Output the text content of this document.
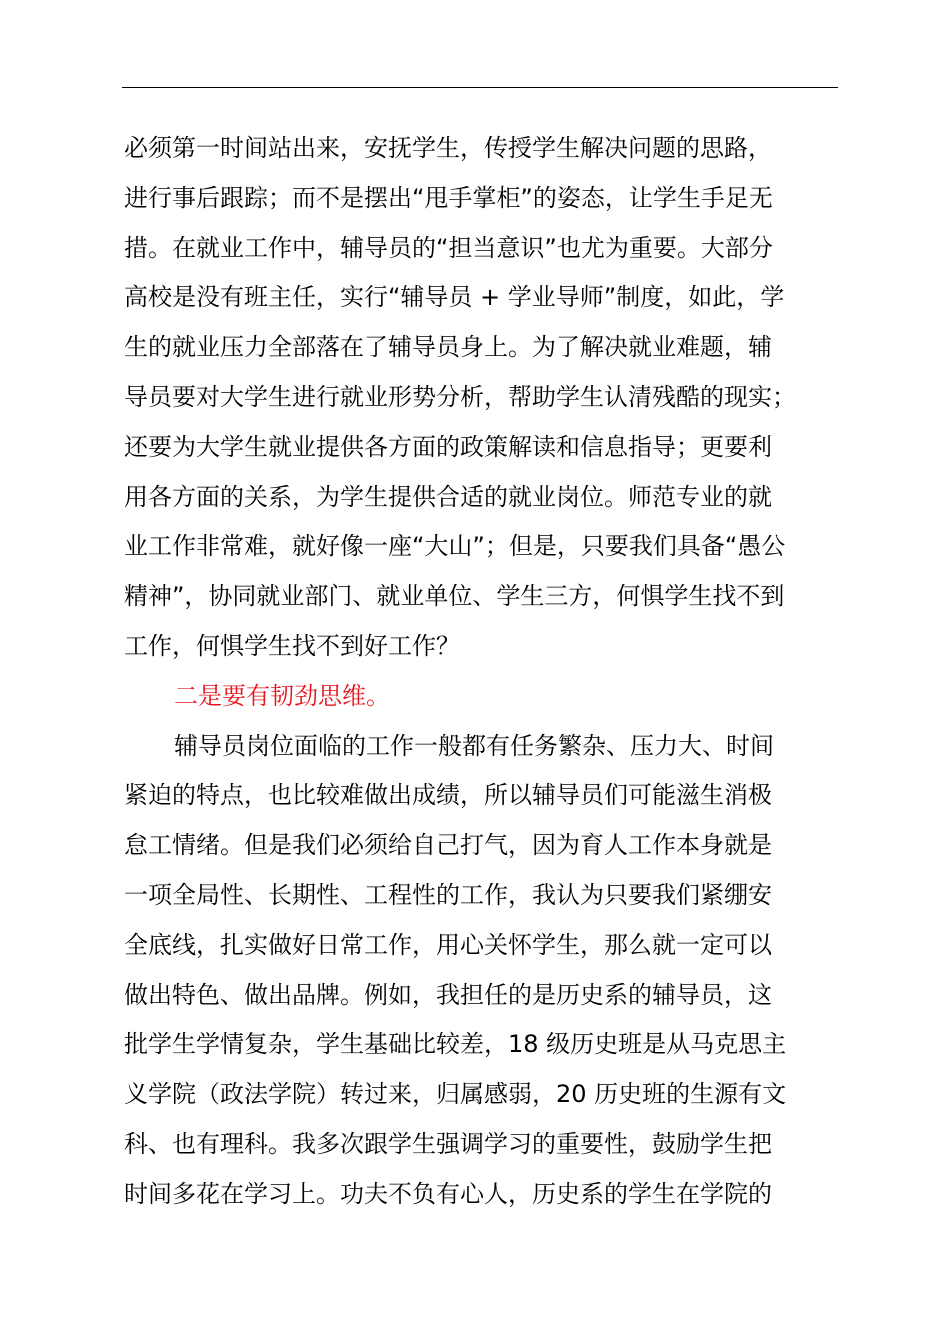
必须第一时间站出来，安抚学生，传授学生解决问题的思路，
进行事后跟踪；而不是摆出“甩手掌柜”的姿态，让学生手足无
措。在就业工作中，辅导员的“担当意识”也尤为重要。大部分
高校是没有班主任，实行“辅导员 + 学业导师”制度，如此，学
生的就业压力全部落在了辅导员身上。为了解决就业难题，辅
导员要对大学生进行就业形势分析，帮助学生认清残酷的现实；
还要为大学生就业提供各方面的政策解读和信息指导；更要利
用各方面的关系，为学生提供合适的就业岗位。师范专业的就
业工作非常难，就好像一座“大山”；但是，只要我们具备“愚公
精神”，协同就业部门、就业单位、学生三方，何惧学生找不到
工作，何惧学生找不到好工作？
二是要有韧劲思维。
辅导员岗位面临的工作一般都有任务繁杂、压力大、时间
紧迫的特点，也比较难做出成绩，所以辅导员们可能滋生消极
怠工情绪。但是我们必须给自己打气，因为育人工作本身就是
一项全局性、长期性、工程性的工作，我认为只要我们紧绷安
全底线，扎实做好日常工作，用心关怀学生，那么就一定可以
做出特色、做出品牌。例如，我担任的是历史系的辅导员，这
批学生学情复杂，学生基础比较差，18 级历史班是从马克思主
义学院（政法学院）转过来，归属感弱，20 历史班的生源有文
科、也有理科。我多次跟学生强调学习的重要性，鼓励学生把
时间多花在学习上。功夫不负有心人，历史系的学生在学院的
